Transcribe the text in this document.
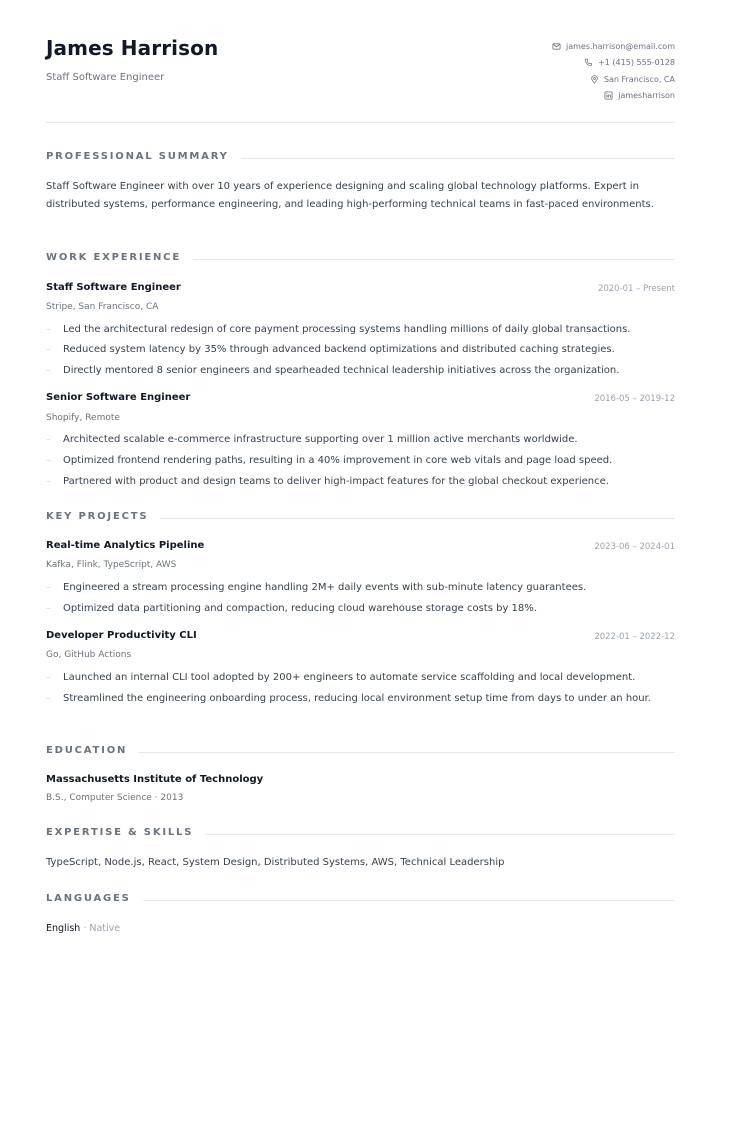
James Harrison
Staff Software Engineer
james.harrison@email.com
+1 (415) 555-0128
San Francisco, CA
jamesharrison
PROFESSIONAL SUMMARY
Staff Software Engineer with over 10 years of experience designing and scaling global technology platforms. Expert in distributed systems, performance engineering, and leading high-performing technical teams in fast-paced environments.
WORK EXPERIENCE
Staff Software Engineer	2020-01 – Present
Stripe, San Francisco, CA
–	Led the architectural redesign of core payment processing systems handling millions of daily global transactions.
–	Reduced system latency by 35% through advanced backend optimizations and distributed caching strategies.
–	Directly mentored 8 senior engineers and spearheaded technical leadership initiatives across the organization.
Senior Software Engineer	2016-05 – 2019-12
Shopify, Remote
–	Architected scalable e-commerce infrastructure supporting over 1 million active merchants worldwide.
–	Optimized frontend rendering paths, resulting in a 40% improvement in core web vitals and page load speed.
–	Partnered with product and design teams to deliver high-impact features for the global checkout experience.
KEY PROJECTS
Real-time Analytics Pipeline	2023-06 – 2024-01
Kafka, Flink, TypeScript, AWS
–	Engineered a stream processing engine handling 2M+ daily events with sub-minute latency guarantees.
–	Optimized data partitioning and compaction, reducing cloud warehouse storage costs by 18%.
Developer Productivity CLI	2022-01 – 2022-12
Go, GitHub Actions
–	Launched an internal CLI tool adopted by 200+ engineers to automate service scaffolding and local development.
–	Streamlined the engineering onboarding process, reducing local environment setup time from days to under an hour.
EDUCATION
Massachusetts Institute of Technology
B.S., Computer Science · 2013
EXPERTISE & SKILLS
TypeScript, Node.js, React, System Design, Distributed Systems, AWS, Technical Leadership
LANGUAGES
English · Native
